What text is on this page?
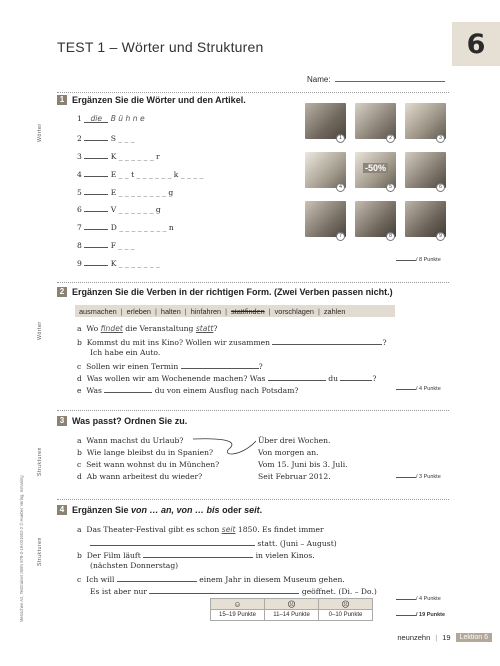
TEST 1 – Wörter und Strukturen	6
Name:
Wörter
Wörter
Strukturen
Strukturen
1 Ergänzen Sie die Wörter und den Artikel.
1 die B ü h n e
2	S _ _ _
3	K _ _ _ _ _ _ r
4	E _ _ t _ _ _ _ _ _ k _ _ _ _
5	E _ _ _ _ _ _ _ _ g
6	V _ _ _ _ _ _ g
7	D _ _ _ _ _ _ _ _ n
8	F _ _ _
9	K _ _ _ _ _ _ _
1	2	3
4
-50%
5	6
7	8	9
/ 8 Punkte
2 Ergänzen Sie die Verben in der richtigen Form. (Zwei Verben passen nicht.)
ausmachen | erleben | halten | hinfahren | stattfinden | vorschlagen | zahlen
a Wo findet die Veranstaltung statt?
b Kommst du mit ins Kino? Wollen wir zusammen	?
Ich habe ein Auto.
c Sollen wir einen Termin	?
d Was wollen wir am Wochenende machen? Was	du	?
e Was	du von einem Ausflug nach Potsdam?	/ 4 Punkte
3 Was passt? Ordnen Sie zu.
a Wann machst du Urlaub?
b Wie lange bleibst du in Spanien?
c Seit wann wohnst du in München?
d Ab wann arbeitest du wieder?
Über drei Wochen.
Von morgen an.
Vom 15. Juni bis 3. Juli.
Seit Februar 2012.	/ 3 Punkte
4 Ergänzen Sie
von … an, von … bis
oder
seit .
a Das Theater-Festival gibt es schon seit 1850. Es findet immer
statt. (Juni – August)
b Der Film läuft	in vielen Kinos.
(nächsten Donnerstag)
c Ich will	einem Jahr in diesem Museum gehen.
Es ist aber nur	geöffnet. (Di. – Do.)
/ 4 Punkte
/ 19 Punkte
☺	☹	☹
15–19 Punkte	11–14 Punkte	0–10 Punkte
Menschen A2, Testtrainer ISBN 978-3-19-001902-2 © Hueber Verlag, Ismaning
neunzehn | 19	Lektion 6
